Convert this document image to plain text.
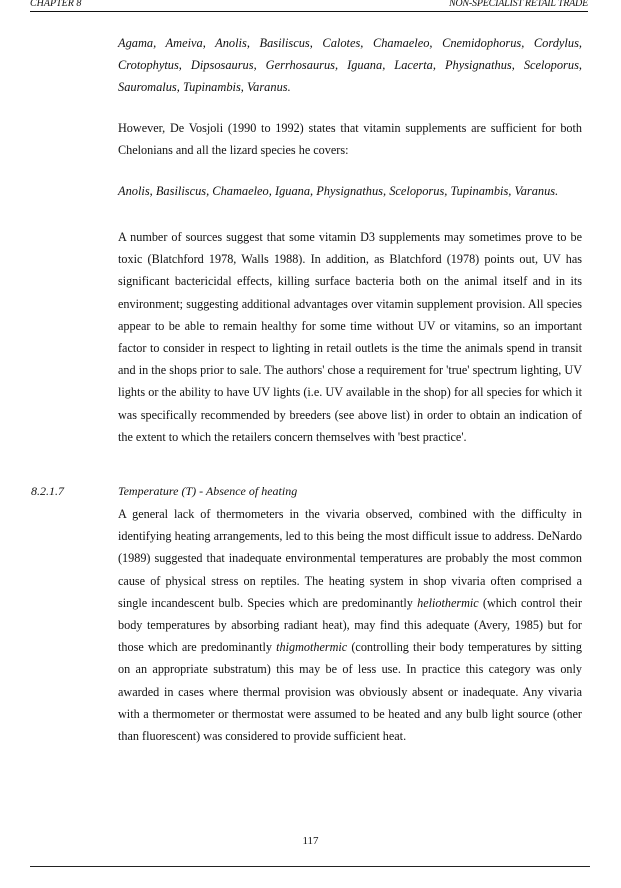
CHAPTER 8	NON-SPECIALIST RETAIL TRADE

Agama, Ameiva, Anolis, Basiliscus, Calotes, Chamaeleo, Cnemidophorus, Cordylus, Crotophytus, Dipsosaurus, Gerrhosaurus, Iguana, Lacerta, Physignathus, Sceloporus, Sauromalus, Tupinambis, Varanus.

However, De Vosjoli (1990 to 1992) states that vitamin supplements are sufficient for both Chelonians and all the lizard species he covers:

Anolis, Basiliscus, Chamaeleo, Iguana, Physignathus, Sceloporus, Tupinambis, Varanus.

A number of sources suggest that some vitamin D3 supplements may sometimes prove to be toxic (Blatchford 1978, Walls 1988). In addition, as Blatchford (1978) points out, UV has significant bactericidal effects, killing surface bacteria both on the animal itself and in its environment; suggesting additional advantages over vitamin supplement provision. All species appear to be able to remain healthy for some time without UV or vitamins, so an important factor to consider in respect to lighting in retail outlets is the time the animals spend in transit and in the shops prior to sale. The authors' chose a requirement for 'true' spectrum lighting, UV lights or the ability to have UV lights (i.e. UV available in the shop) for all species for which it was specifically recommended by breeders (see above list) in order to obtain an indication of the extent to which the retailers concern themselves with 'best practice'.

8.2.1.7	Temperature (T) - Absence of heating

A general lack of thermometers in the vivaria observed, combined with the difficulty in identifying heating arrangements, led to this being the most difficult issue to address. DeNardo (1989) suggested that inadequate environmental temperatures are probably the most common cause of physical stress on reptiles. The heating system in shop vivaria often comprised a single incandescent bulb. Species which are predominantly heliothermic (which control their body temperatures by absorbing radiant heat), may find this adequate (Avery, 1985) but for those which are predominantly thigmothermic (controlling their body temperatures by sitting on an appropriate substratum) this may be of less use. In practice this category was only awarded in cases where thermal provision was obviously absent or inadequate. Any vivaria with a thermometer or thermostat were assumed to be heated and any bulb light source (other than fluorescent) was considered to provide sufficient heat.

117
